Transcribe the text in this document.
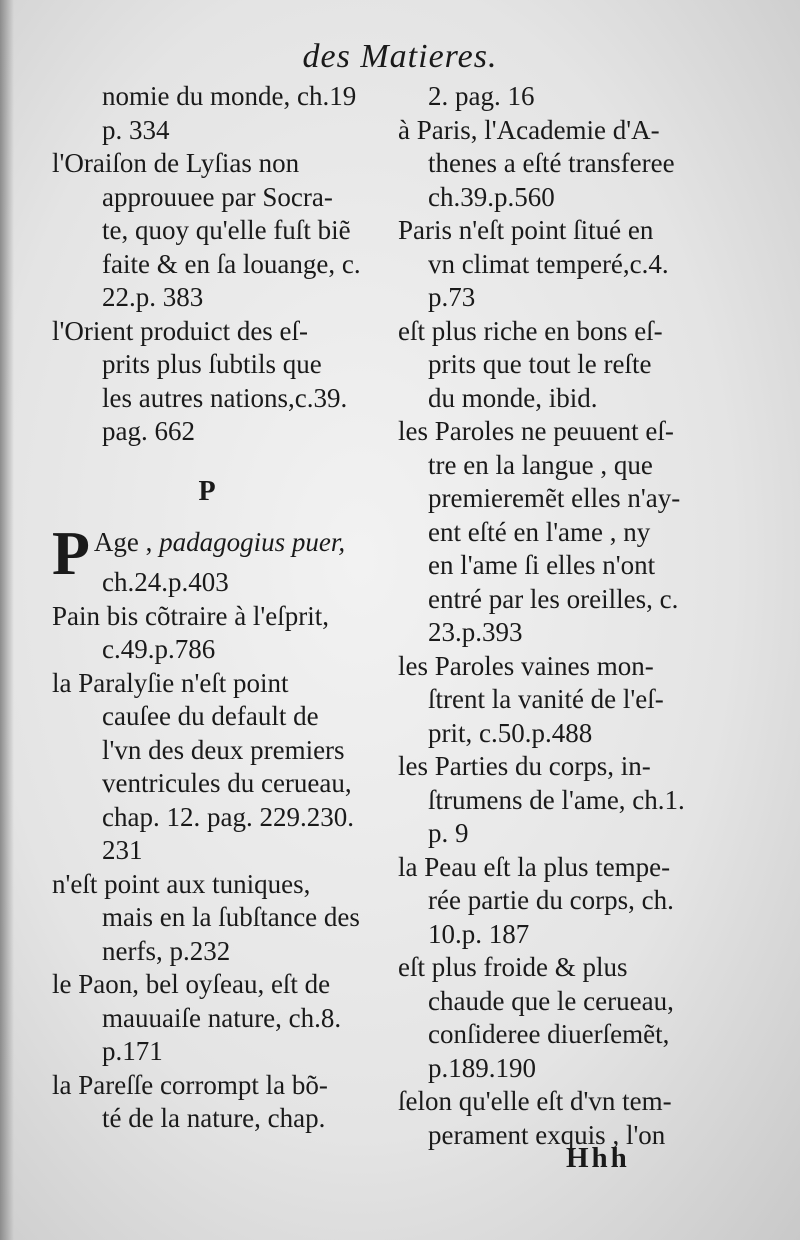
des Matieres.
nomie du monde, ch.19
p. 334
l'Oraiſon de Lyſias non
approuuee par Socra-
te, quoy qu'elle fuſt biẽ
faite & en ſa louange, c.
22.p. 383
l'Orient produict des eſ-
prits plus ſubtils que
les autres nations,c.39.
pag. 662
P
P Age , padagogius puer,
ch.24.p.403
Pain bis cõtraire à l'eſprit,
c.49.p.786
la Paralyſie n'eſt point
cauſee du default de
l'vn des deux premiers
ventricules du cerueau,
chap. 12. pag. 229.230.
231
n'eſt point aux tuniques,
mais en la ſubſtance des
nerfs, p.232
le Paon, bel oyſeau, eſt de
mauuaiſe nature, ch.8.
p.171
la Pareſſe corrompt la bõ-
té de la nature, chap.
2. pag. 16
à Paris, l'Academie d'A-
thenes a eſté transferee
ch.39.p.560
Paris n'eſt point ſitué en
vn climat temperé,c.4.
p.73
eſt plus riche en bons eſ-
prits que tout le reſte
du monde, ibid.
les Paroles ne peuuent eſ-
tre en la langue , que
premieremẽt elles n'ay-
ent eſté en l'ame , ny
en l'ame ſi elles n'ont
entré par les oreilles, c.
23.p.393
les Paroles vaines mon-
ſtrent la vanité de l'eſ-
prit, c.50.p.488
les Parties du corps, in-
ſtrumens de l'ame, ch.1.
p. 9
la Peau eſt la plus tempe-
rée partie du corps, ch.
10.p. 187
eſt plus froide & plus
chaude que le cerueau,
conſideree diuerſemẽt,
p.189.190
ſelon qu'elle eſt d'vn tem-
perament exquis , l'on
Hhh
